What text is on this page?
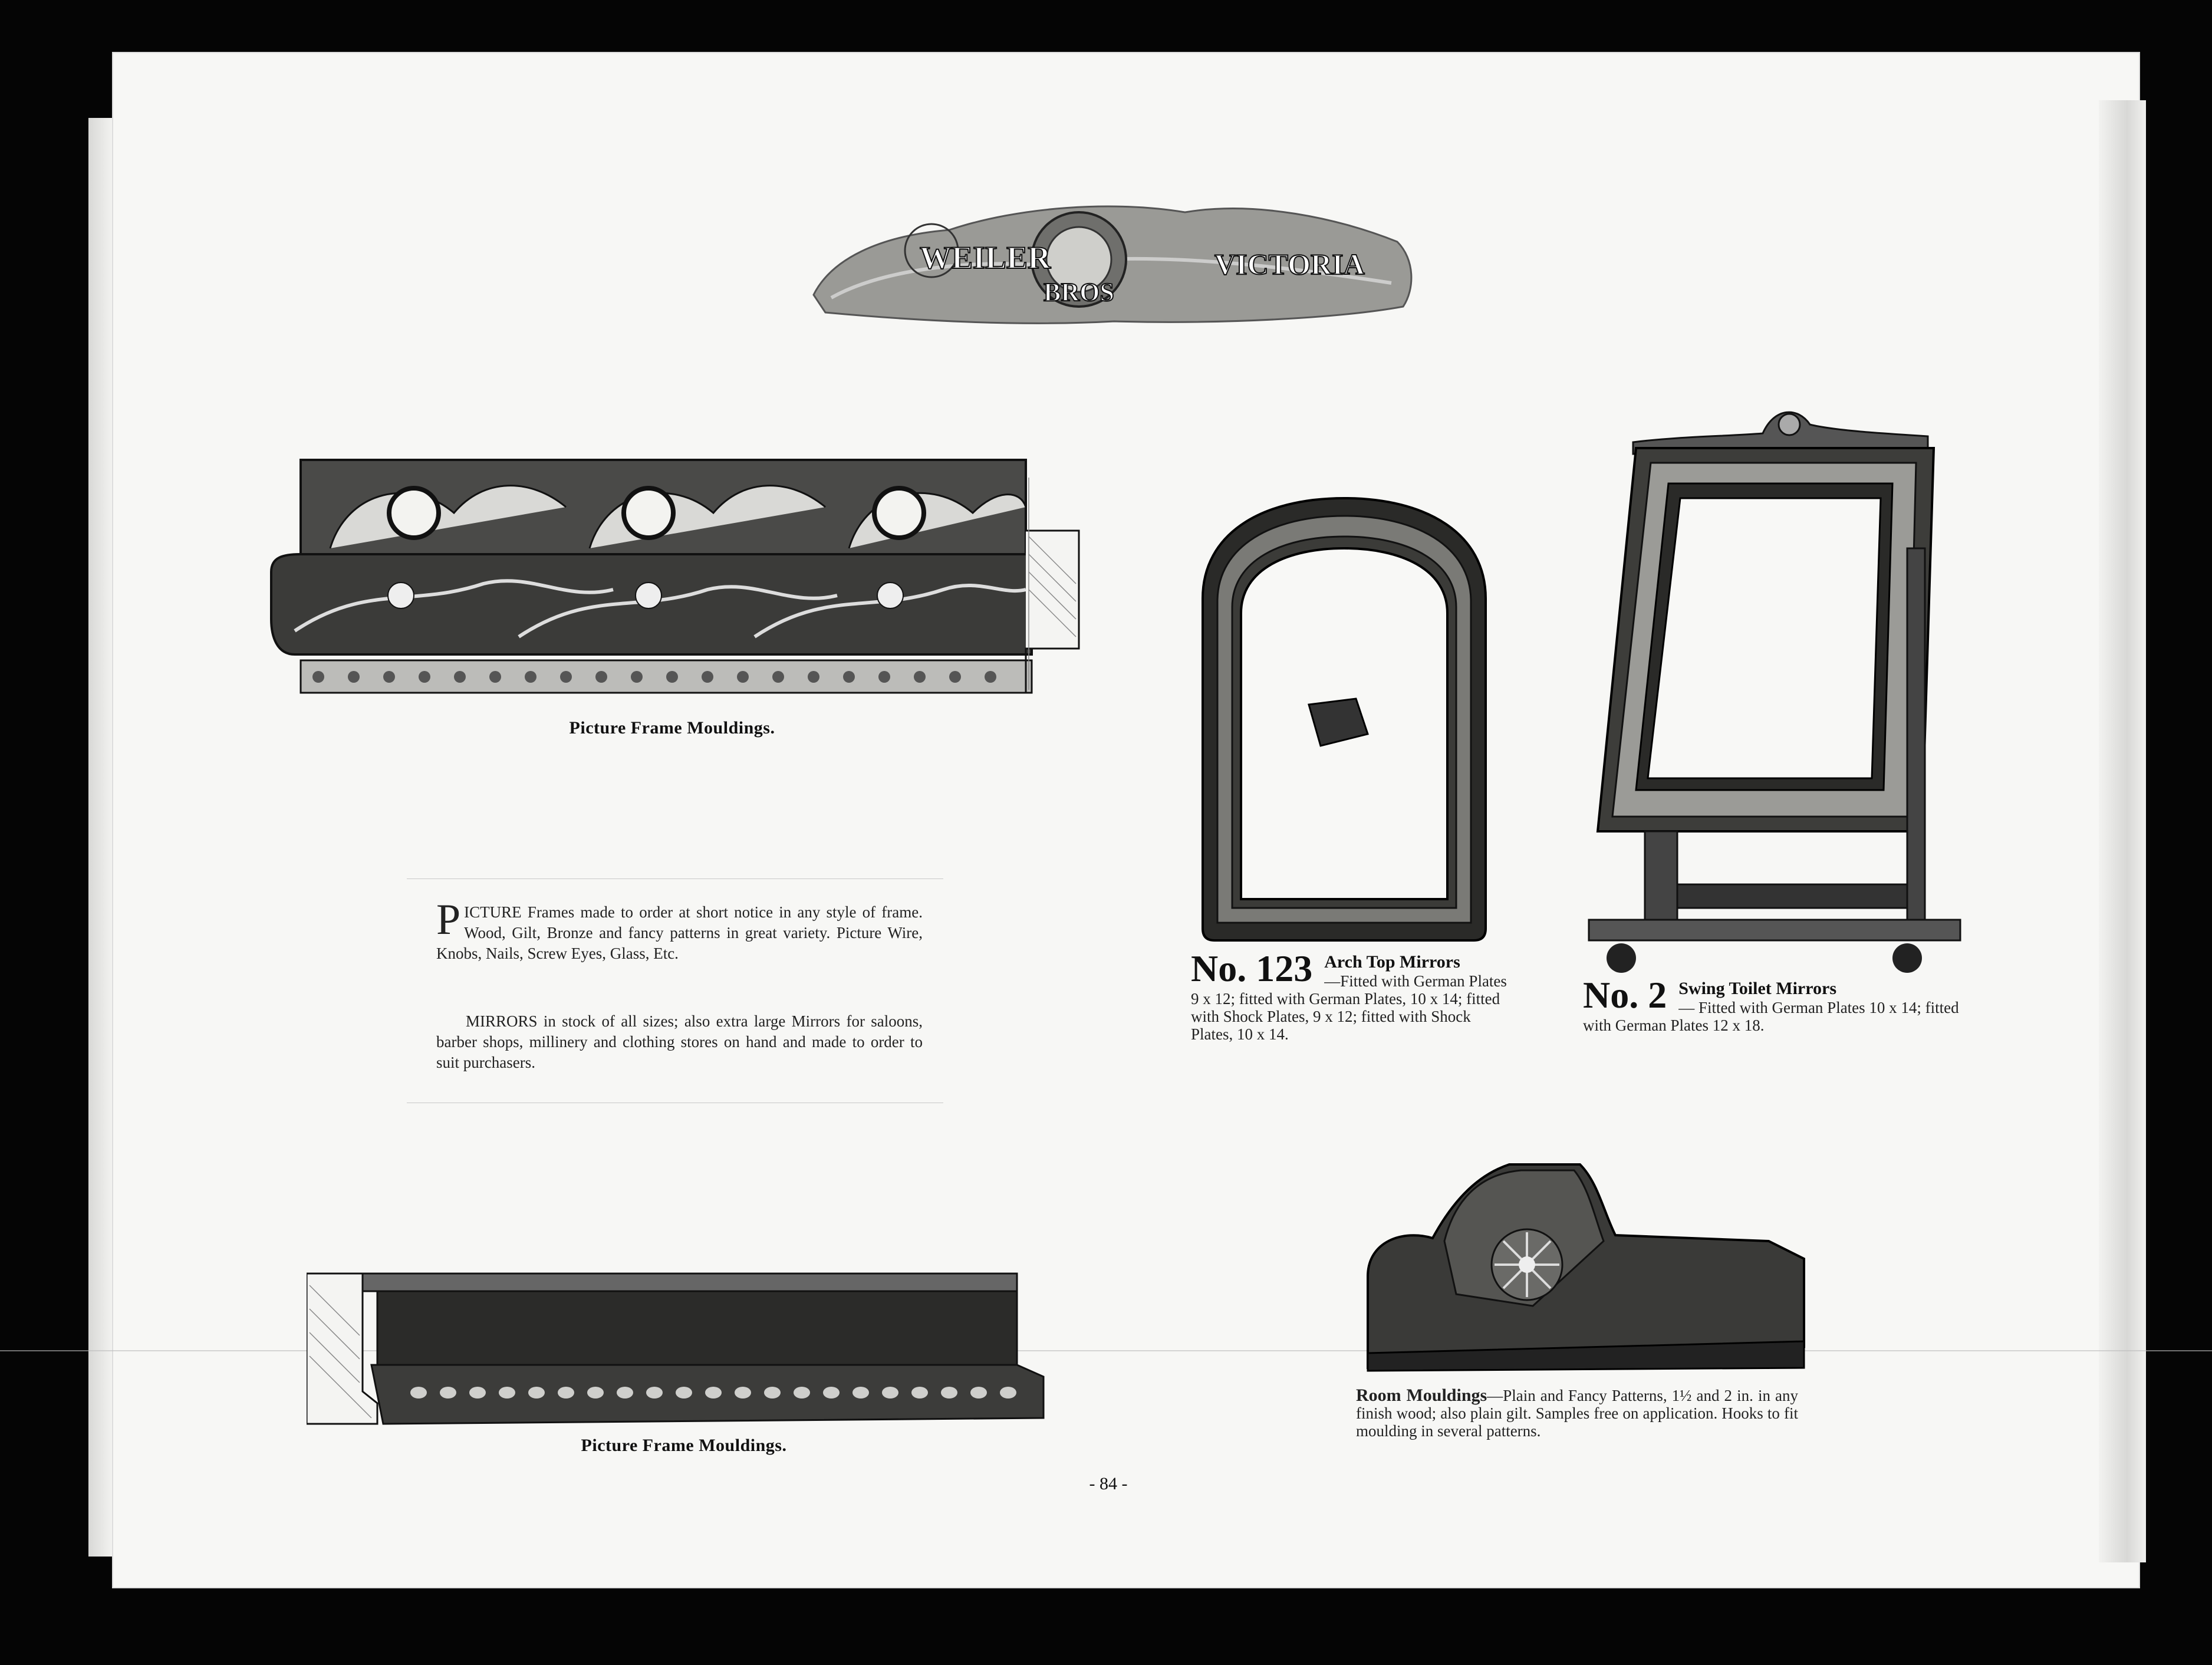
WEILER
BROS
VICTORIA
Picture Frame Mouldings.
PICTURE Frames made to order at short notice in any style of frame. Wood, Gilt, Bronze and fancy patterns in great variety. Picture Wire, Knobs, Nails, Screw Eyes, Glass, Etc.
MIRRORS in stock of all sizes; also extra large Mirrors for saloons, barber shops, millinery and clothing stores on hand and made to order to suit purchasers.
No. 123 Arch Top Mirrors
—Fitted with German Plates 9 x 12; fitted with German Plates, 10 x 14; fitted with Shock Plates, 9 x 12; fitted with Shock Plates, 10 x 14.
No. 2 Swing Toilet Mirrors
— Fitted with German Plates 10 x 14; fitted with German Plates 12 x 18.
Picture Frame Mouldings.
Room Mouldings—Plain and Fancy Patterns, 1½ and 2 in. in any finish wood; also plain gilt. Samples free on application. Hooks to fit moulding in several patterns.
- 84 -
